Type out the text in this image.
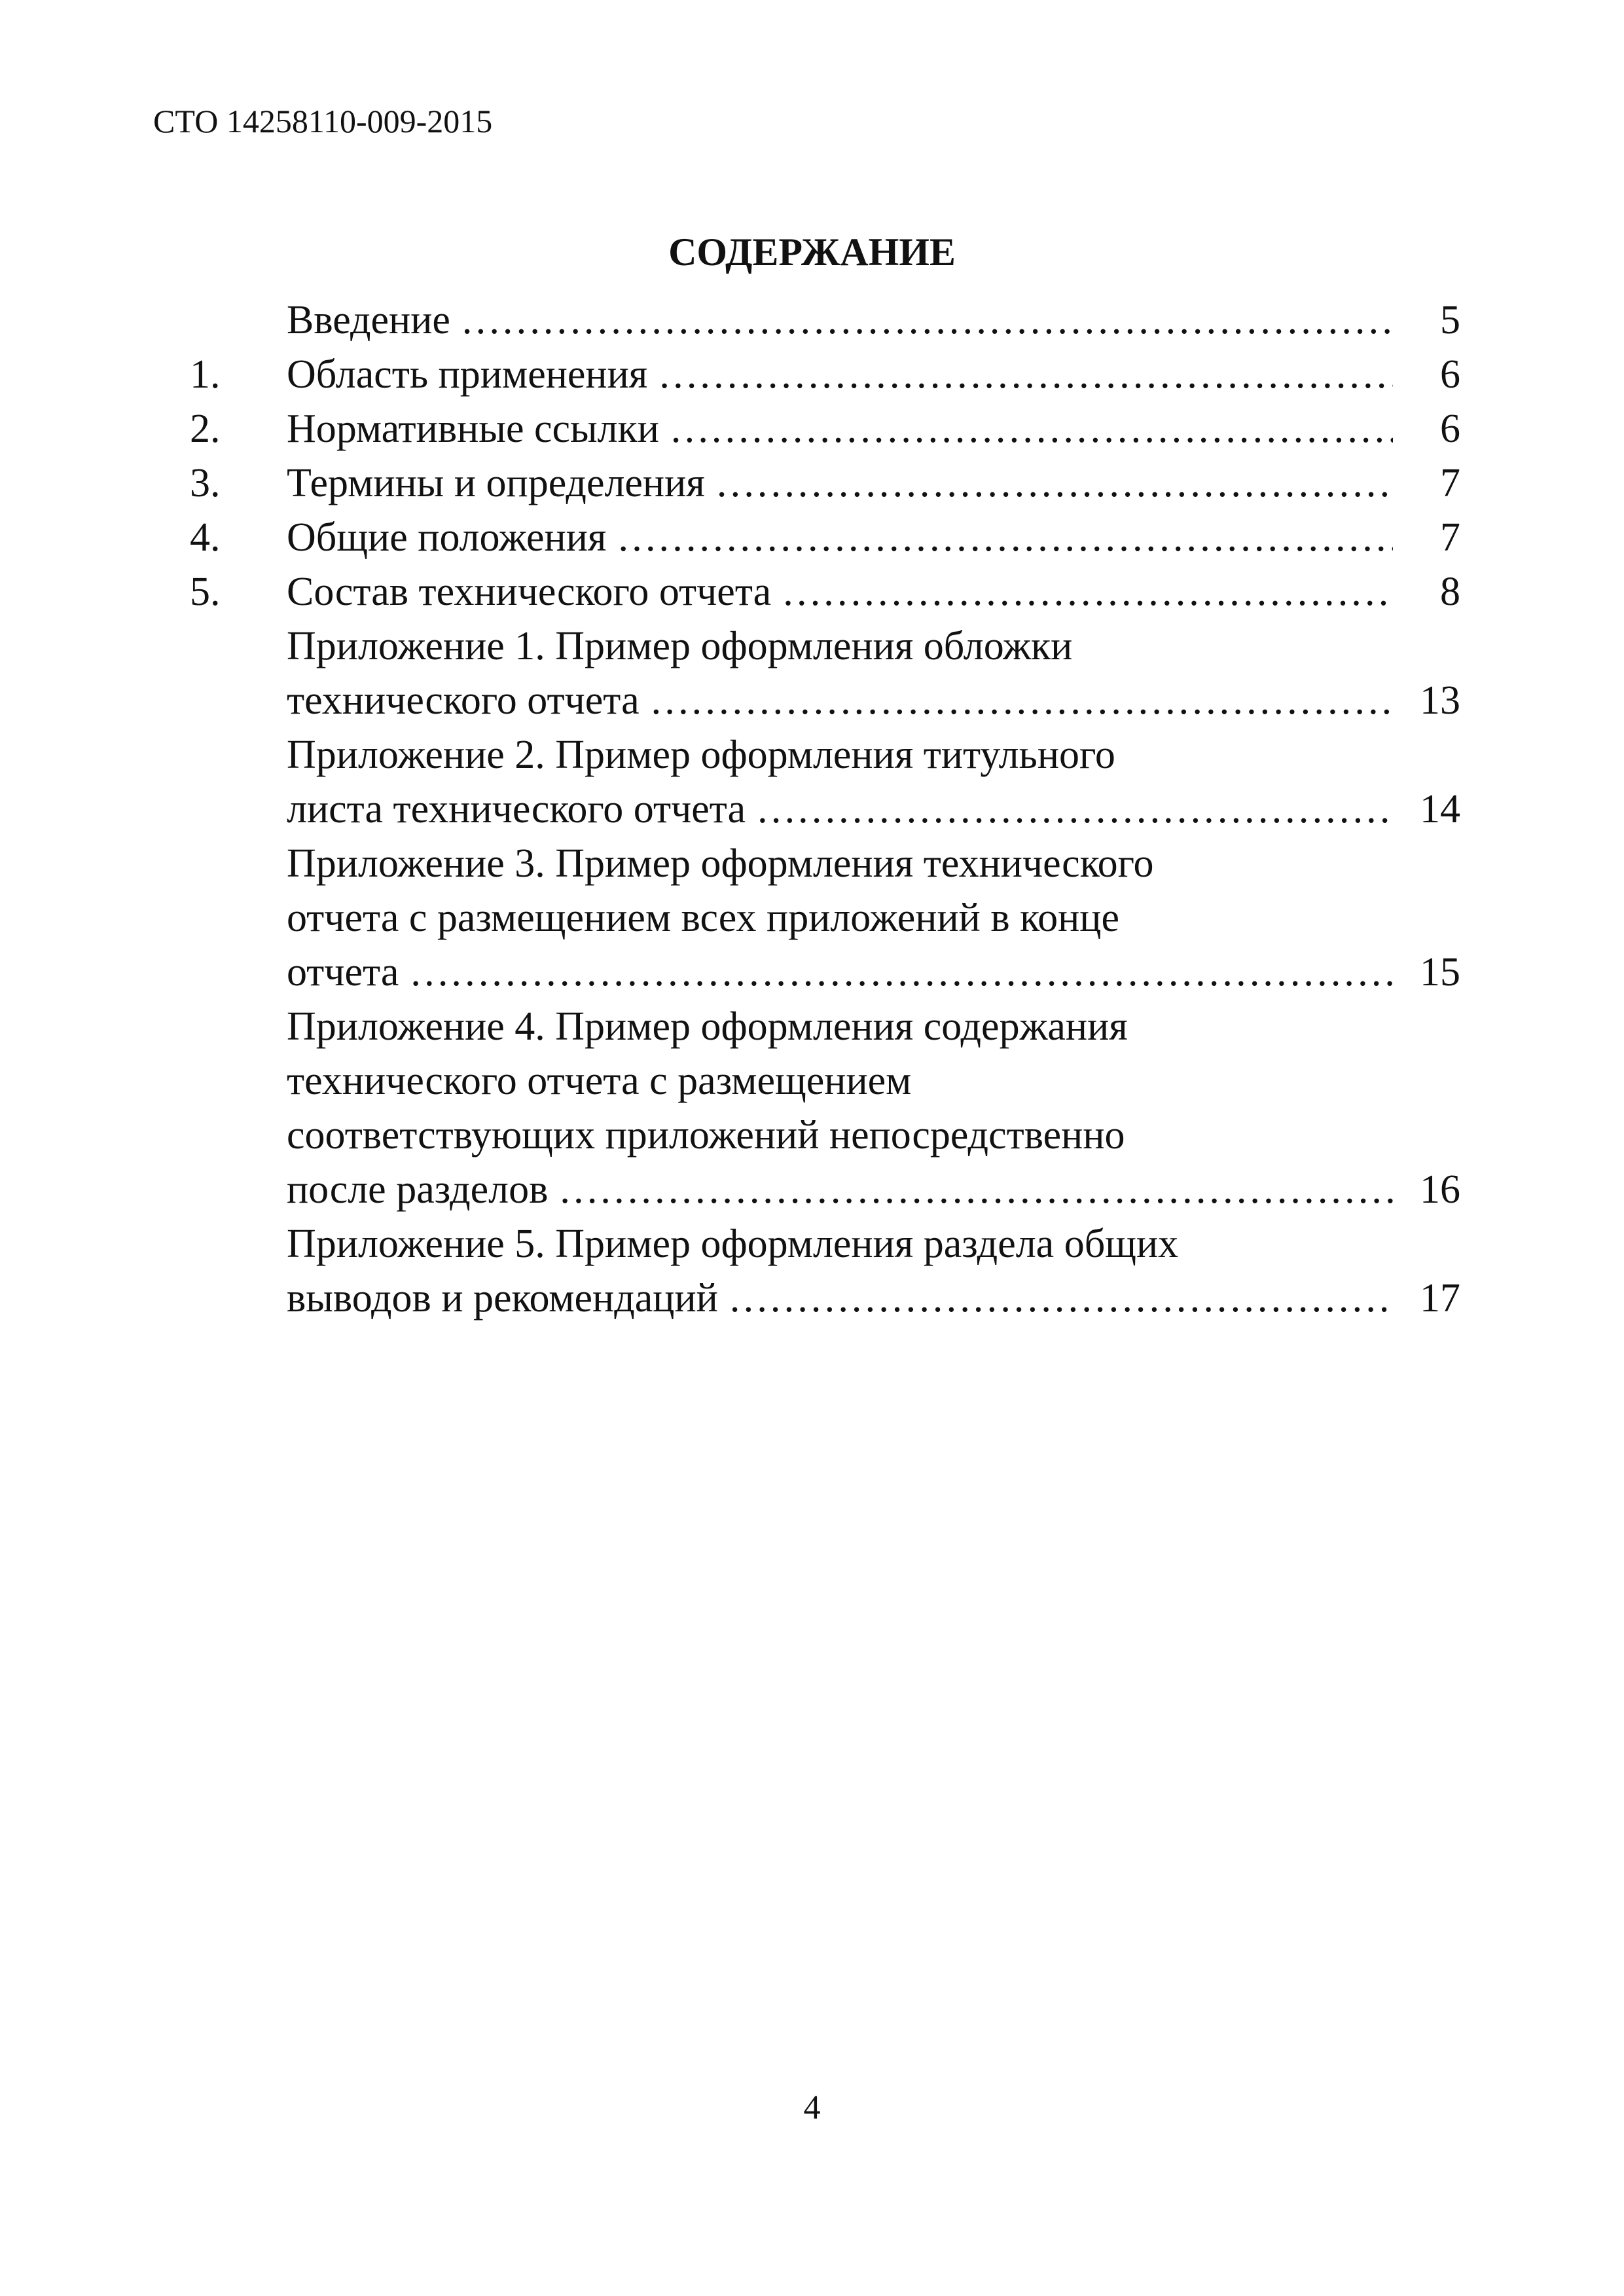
СТО 14258110-009-2015
СОДЕРЖАНИЕ
Введение …………………………………………………………………………………………………………………………………………………………………………………………………………	5
1. Область применения …………………………………………………………………………………………………………………………………………………………………………………………………………	6
2. Нормативные ссылки …………………………………………………………………………………………………………………………………………………………………………………………………………	6
3. Термины и определения …………………………………………………………………………………………………………………………………………………………………………………………………………	7
4. Общие положения …………………………………………………………………………………………………………………………………………………………………………………………………………	7
5. Состав технического отчета …………………………………………………………………………………………………………………………………………………………………………………………………………	8
Приложение 1. Пример оформления обложки
технического отчета …………………………………………………………………………………………………………………………………………………………………………………………………………	13
Приложение 2. Пример оформления титульного
листа технического отчета …………………………………………………………………………………………………………………………………………………………………………………………………………	14
Приложение 3. Пример оформления технического
отчета с размещением всех приложений в конце
отчета …………………………………………………………………………………………………………………………………………………………………………………………………………	15
Приложение 4. Пример оформления содержания
технического отчета с размещением
соответствующих приложений непосредственно
после разделов …………………………………………………………………………………………………………………………………………………………………………………………………………	16
Приложение 5. Пример оформления раздела общих
выводов и рекомендаций …………………………………………………………………………………………………………………………………………………………………………………………………………	17
4
